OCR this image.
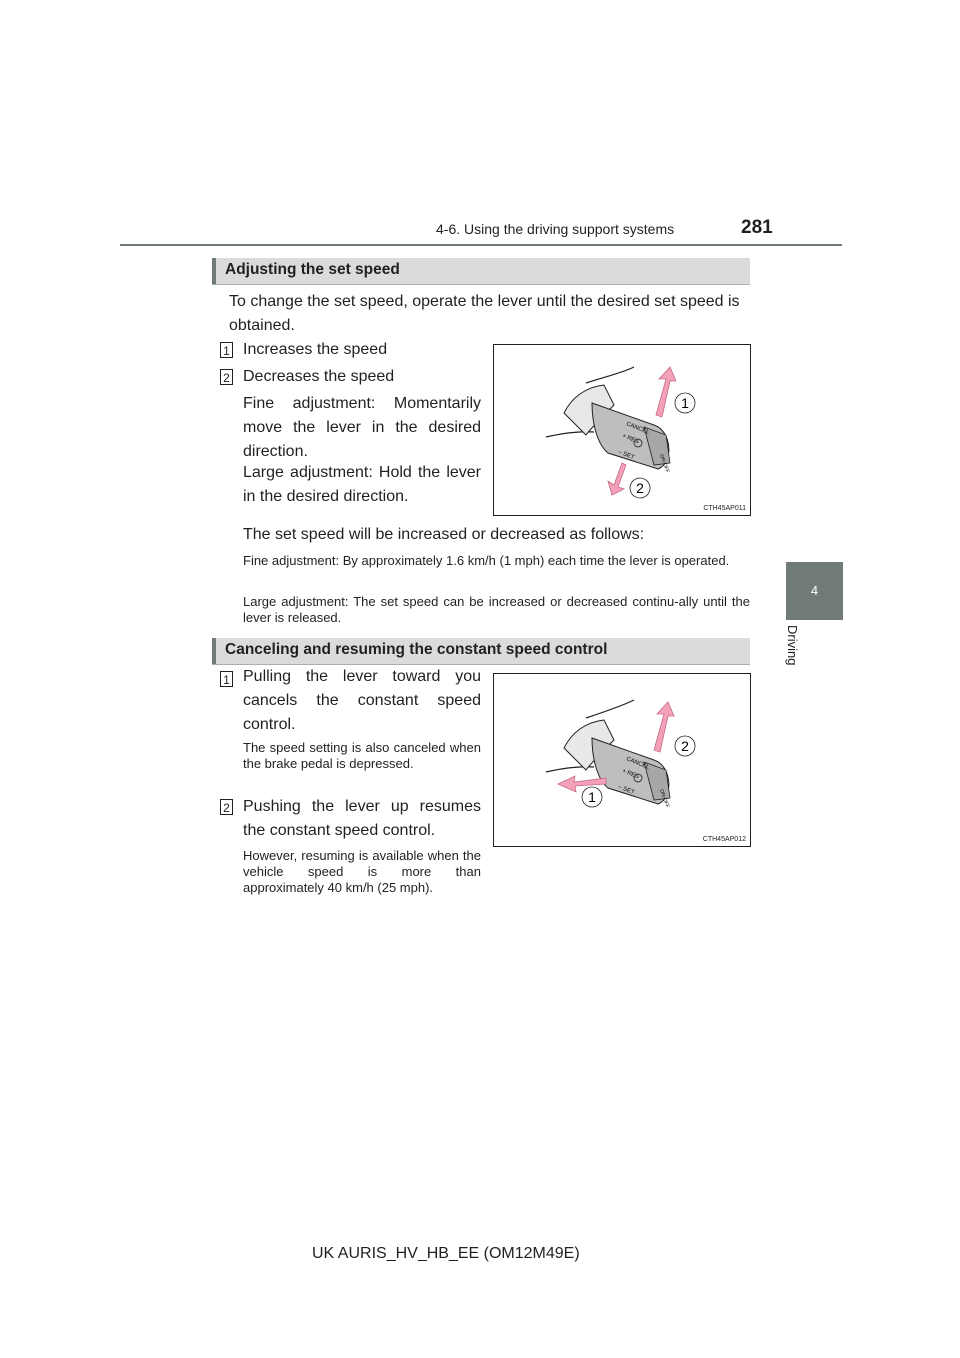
4-6. Using the driving support systems	281
4
Driving
Adjusting the set speed
To change the set speed, operate the lever until the desired set speed is obtained.
1 Increases the speed
2 Decreases the speed
Fine adjustment: Momentarily move the lever in the desired direction.
Large adjustment: Hold the lever in the desired direction.
The set speed will be increased or decreased as follows:
Fine adjustment: By approximately 1.6 km/h (1 mph) each time the lever is operated.
Large adjustment: The set speed can be increased or decreased continu-ally until the lever is released.
CANCEL
+ RES
– SET	ON-OFF
1
2
CTH45AP011
Canceling and resuming the constant speed control
1 Pulling the lever toward you cancels the constant speed control.
The speed setting is also canceled when the brake pedal is depressed.
2 Pushing the lever up resumes the constant speed control.
However, resuming is available when the vehicle speed is more than approximately 40 km/h (25 mph).
CANCEL
+ RES
– SET	ON-OFF
2
1
CTH45AP012
UK AURIS_HV_HB_EE (OM12M49E)
